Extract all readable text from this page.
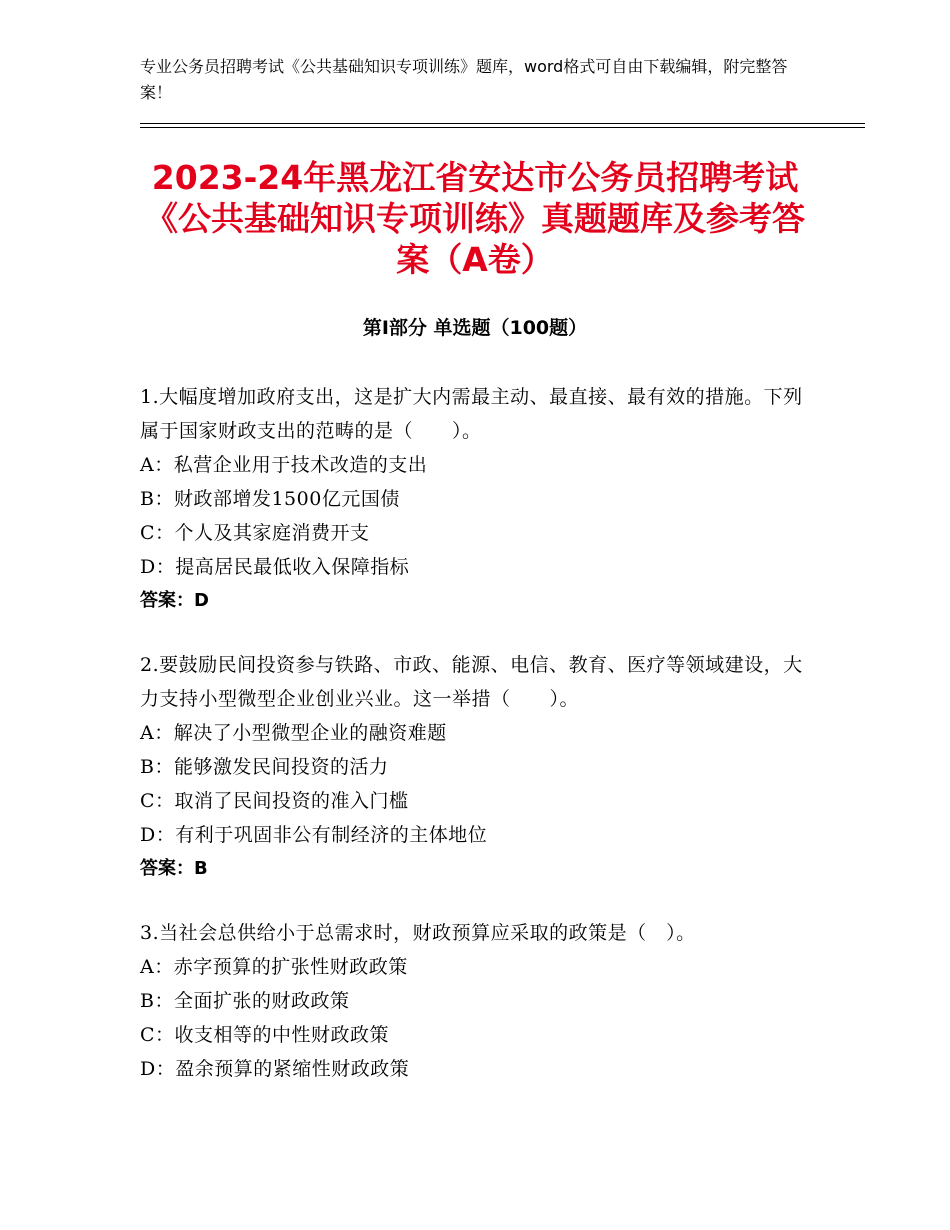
专业公务员招聘考试《公共基础知识专项训练》题库，word格式可自由下载编辑，附完整答案！

2023-24年黑龙江省安达市公务员招聘考试《公共基础知识专项训练》真题题库及参考答案（A卷）
第Ⅰ部分 单选题（100题）

1.大幅度增加政府支出，这是扩大内需最主动、最直接、最有效的措施。下列属于国家财政支出的范畴的是（　　）。

A：私营企业用于技术改造的支出

B：财政部增发1500亿元国债

C：个人及其家庭消费开支

D：提高居民最低收入保障指标

答案：D

2.要鼓励民间投资参与铁路、市政、能源、电信、教育、医疗等领域建设，大力支持小型微型企业创业兴业。这一举措（　　）。

A：解决了小型微型企业的融资难题

B：能够激发民间投资的活力

C：取消了民间投资的准入门槛

D：有利于巩固非公有制经济的主体地位

答案：B

3.当社会总供给小于总需求时，财政预算应采取的政策是（　）。

A：赤字预算的扩张性财政政策

B：全面扩张的财政政策

C：收支相等的中性财政政策

D：盈余预算的紧缩性财政政策
